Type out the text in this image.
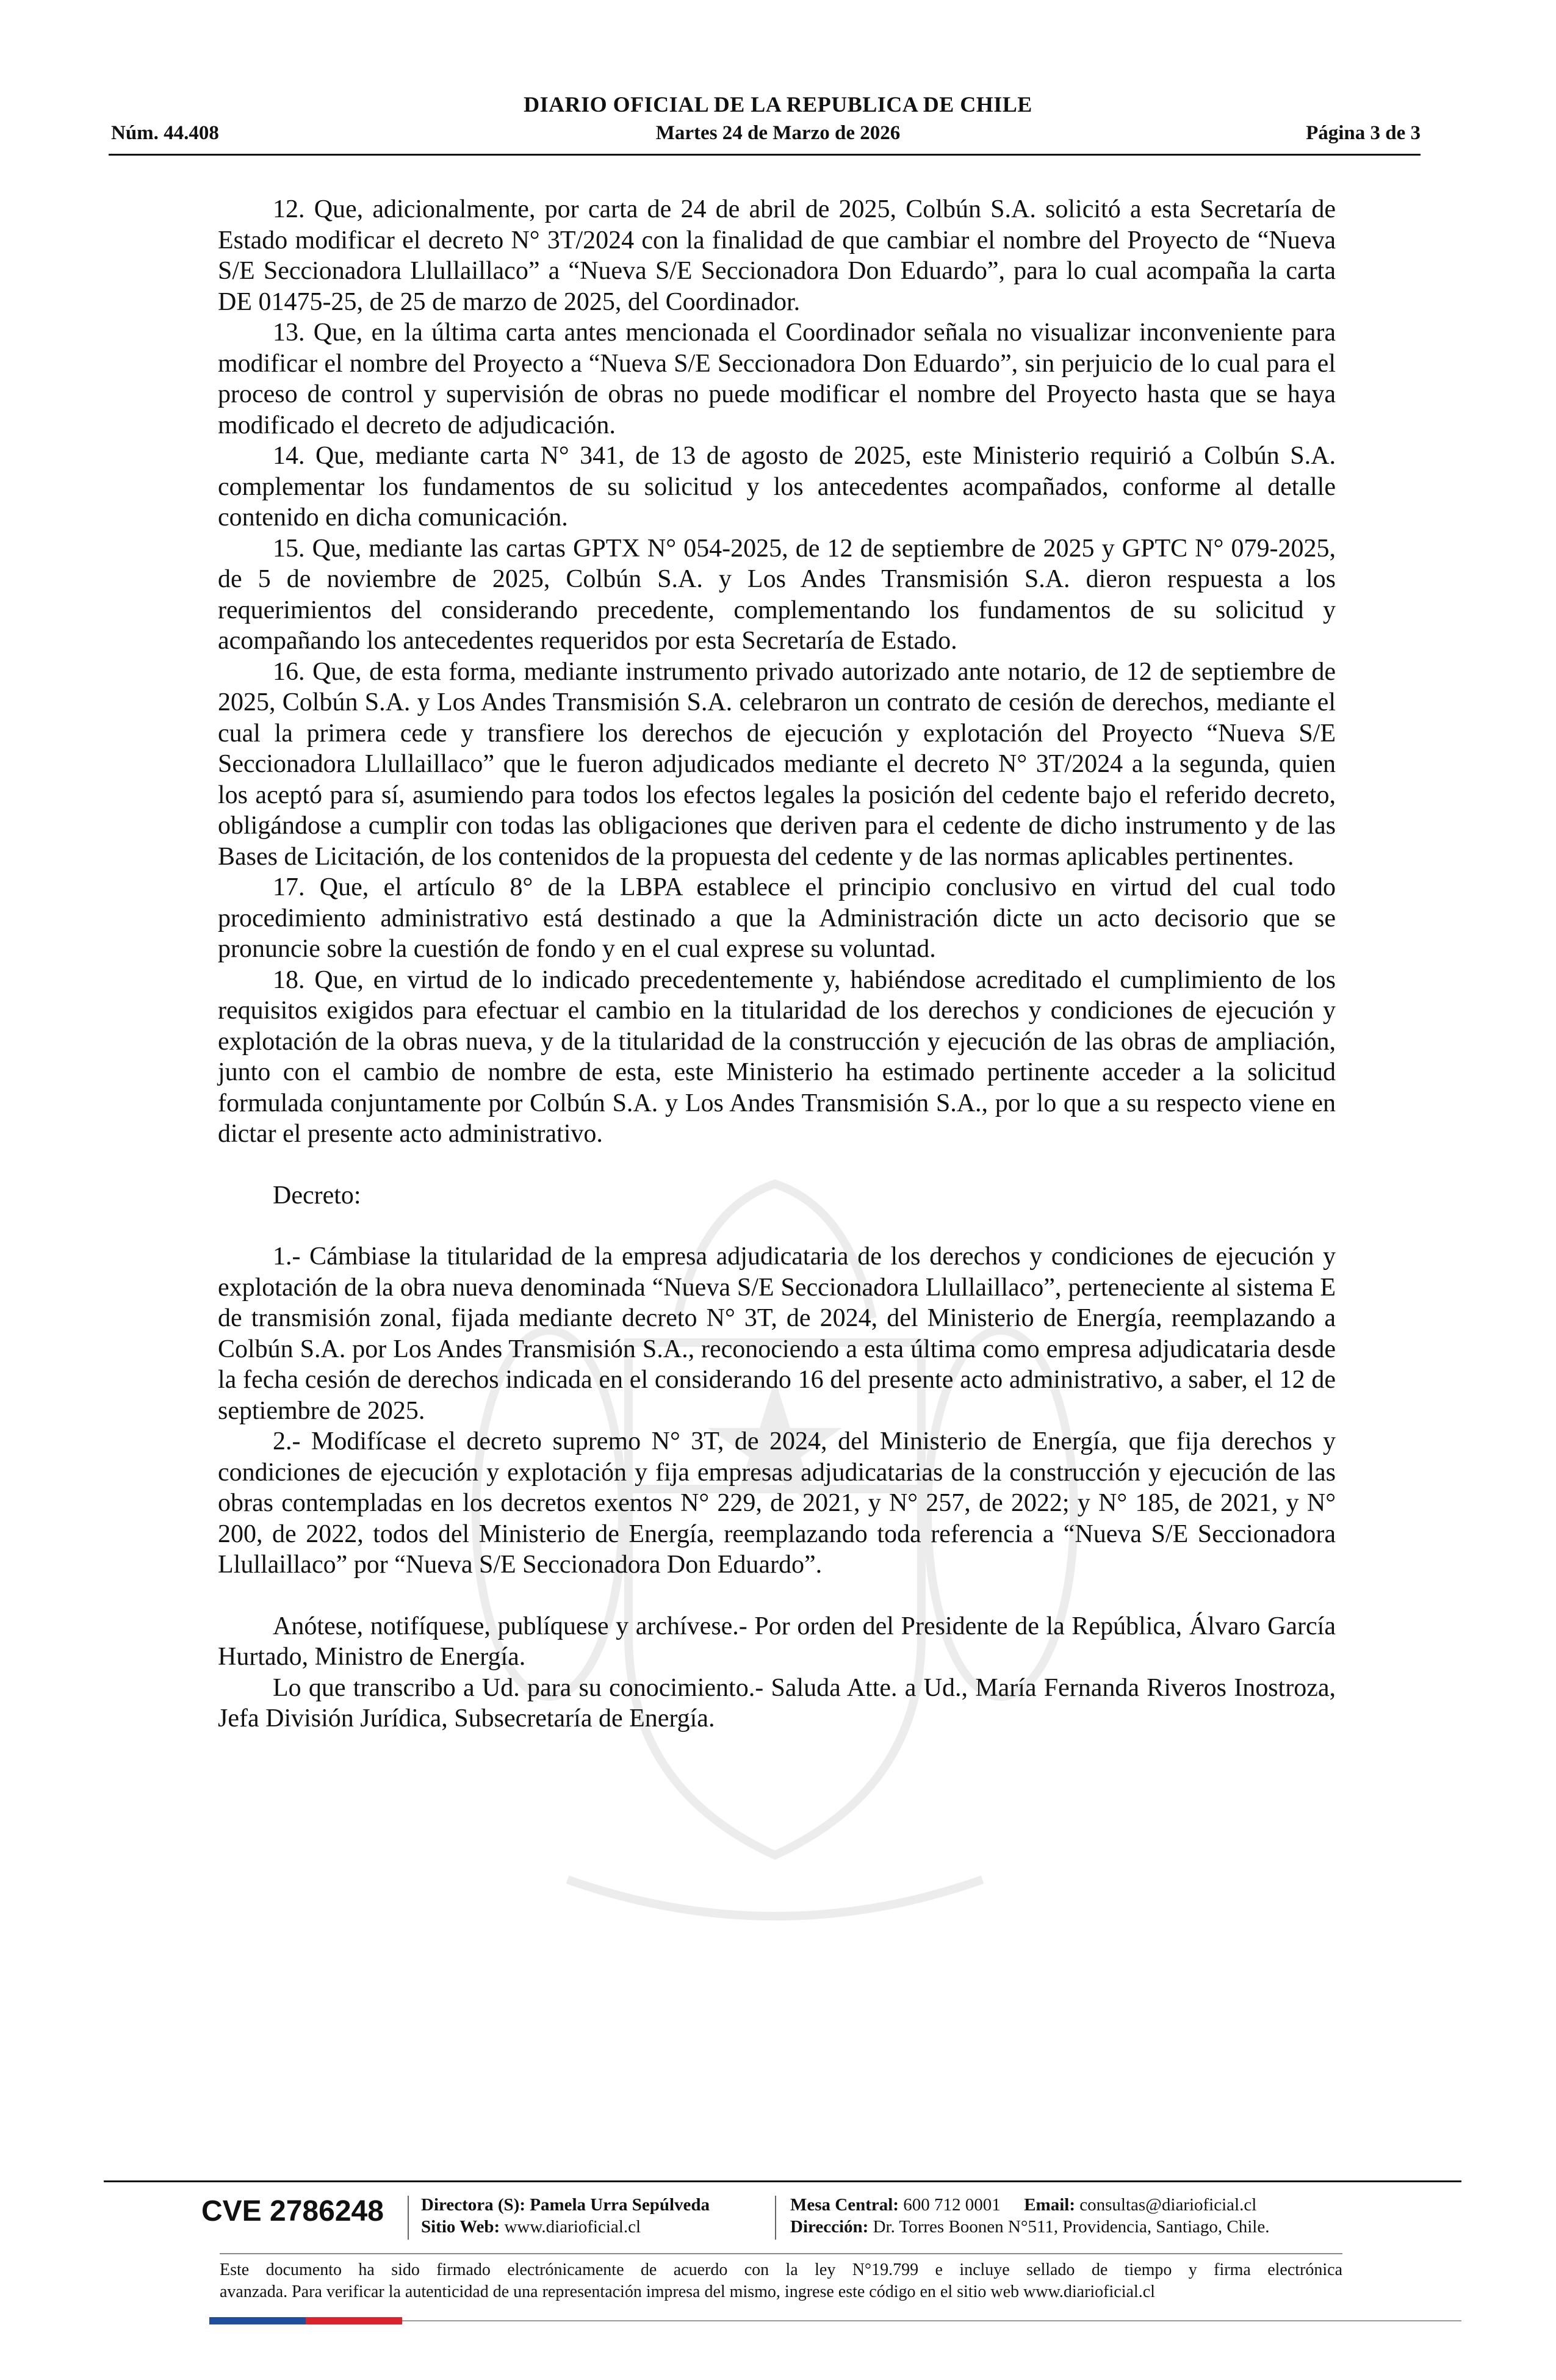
DIARIO OFICIAL DE LA REPUBLICA DE CHILE
Núm. 44.408	Martes 24 de Marzo de 2026	Página 3 de 3

12. Que, adicionalmente, por carta de 24 de abril de 2025, Colbún S.A. solicitó a esta Secretaría de Estado modificar el decreto N° 3T/2024 con la finalidad de que cambiar el nombre del Proyecto de “Nueva S/E Seccionadora Llullaillaco” a “Nueva S/E Seccionadora Don Eduardo”, para lo cual acompaña la carta DE 01475-25, de 25 de marzo de 2025, del Coordinador.

13. Que, en la última carta antes mencionada el Coordinador señala no visualizar inconveniente para modificar el nombre del Proyecto a “Nueva S/E Seccionadora Don Eduardo”, sin perjuicio de lo cual para el proceso de control y supervisión de obras no puede modificar el nombre del Proyecto hasta que se haya modificado el decreto de adjudicación.

14. Que, mediante carta N° 341, de 13 de agosto de 2025, este Ministerio requirió a Colbún S.A. complementar los fundamentos de su solicitud y los antecedentes acompañados, conforme al detalle contenido en dicha comunicación.

15. Que, mediante las cartas GPTX N° 054-2025, de 12 de septiembre de 2025 y GPTC N° 079-2025, de 5 de noviembre de 2025, Colbún S.A. y Los Andes Transmisión S.A. dieron respuesta a los requerimientos del considerando precedente, complementando los fundamentos de su solicitud y acompañando los antecedentes requeridos por esta Secretaría de Estado.

16. Que, de esta forma, mediante instrumento privado autorizado ante notario, de 12 de septiembre de 2025, Colbún S.A. y Los Andes Transmisión S.A. celebraron un contrato de cesión de derechos, mediante el cual la primera cede y transfiere los derechos de ejecución y explotación del Proyecto “Nueva S/E Seccionadora Llullaillaco” que le fueron adjudicados mediante el decreto N° 3T/2024 a la segunda, quien los aceptó para sí, asumiendo para todos los efectos legales la posición del cedente bajo el referido decreto, obligándose a cumplir con todas las obligaciones que deriven para el cedente de dicho instrumento y de las Bases de Licitación, de los contenidos de la propuesta del cedente y de las normas aplicables pertinentes.

17. Que, el artículo 8° de la LBPA establece el principio conclusivo en virtud del cual todo procedimiento administrativo está destinado a que la Administración dicte un acto decisorio que se pronuncie sobre la cuestión de fondo y en el cual exprese su voluntad.

18. Que, en virtud de lo indicado precedentemente y, habiéndose acreditado el cumplimiento de los requisitos exigidos para efectuar el cambio en la titularidad de los derechos y condiciones de ejecución y explotación de la obras nueva, y de la titularidad de la construcción y ejecución de las obras de ampliación, junto con el cambio de nombre de esta, este Ministerio ha estimado pertinente acceder a la solicitud formulada conjuntamente por Colbún S.A. y Los Andes Transmisión S.A., por lo que a su respecto viene en dictar el presente acto administrativo.

Decreto:

1.- Cámbiase la titularidad de la empresa adjudicataria de los derechos y condiciones de ejecución y explotación de la obra nueva denominada “Nueva S/E Seccionadora Llullaillaco”, perteneciente al sistema E de transmisión zonal, fijada mediante decreto N° 3T, de 2024, del Ministerio de Energía, reemplazando a Colbún S.A. por Los Andes Transmisión S.A., reconociendo a esta última como empresa adjudicataria desde la fecha cesión de derechos indicada en el considerando 16 del presente acto administrativo, a saber, el 12 de septiembre de 2025.

2.- Modifícase el decreto supremo N° 3T, de 2024, del Ministerio de Energía, que fija derechos y condiciones de ejecución y explotación y fija empresas adjudicatarias de la construcción y ejecución de las obras contempladas en los decretos exentos N° 229, de 2021, y N° 257, de 2022; y N° 185, de 2021, y N° 200, de 2022, todos del Ministerio de Energía, reemplazando toda referencia a “Nueva S/E Seccionadora Llullaillaco” por “Nueva S/E Seccionadora Don Eduardo”.

Anótese, notifíquese, publíquese y archívese.- Por orden del Presidente de la República, Álvaro García Hurtado, Ministro de Energía.

Lo que transcribo a Ud. para su conocimiento.- Saluda Atte. a Ud., María Fernanda Riveros Inostroza, Jefa División Jurídica, Subsecretaría de Energía.

CVE 2786248 Directora (S): Pamela Urra Sepúlveda
Sitio Web: www.diarioficial.cl
Mesa Central: 600 712 0001 Email: consultas@diarioficial.cl
Dirección: Dr. Torres Boonen N°511, Providencia, Santiago, Chile.
Este documento ha sido firmado electrónicamente de acuerdo con la ley N°19.799 e incluye sellado de tiempo y firma electrónica
avanzada. Para verificar la autenticidad de una representación impresa del mismo, ingrese este código en el sitio web www.diarioficial.cl
